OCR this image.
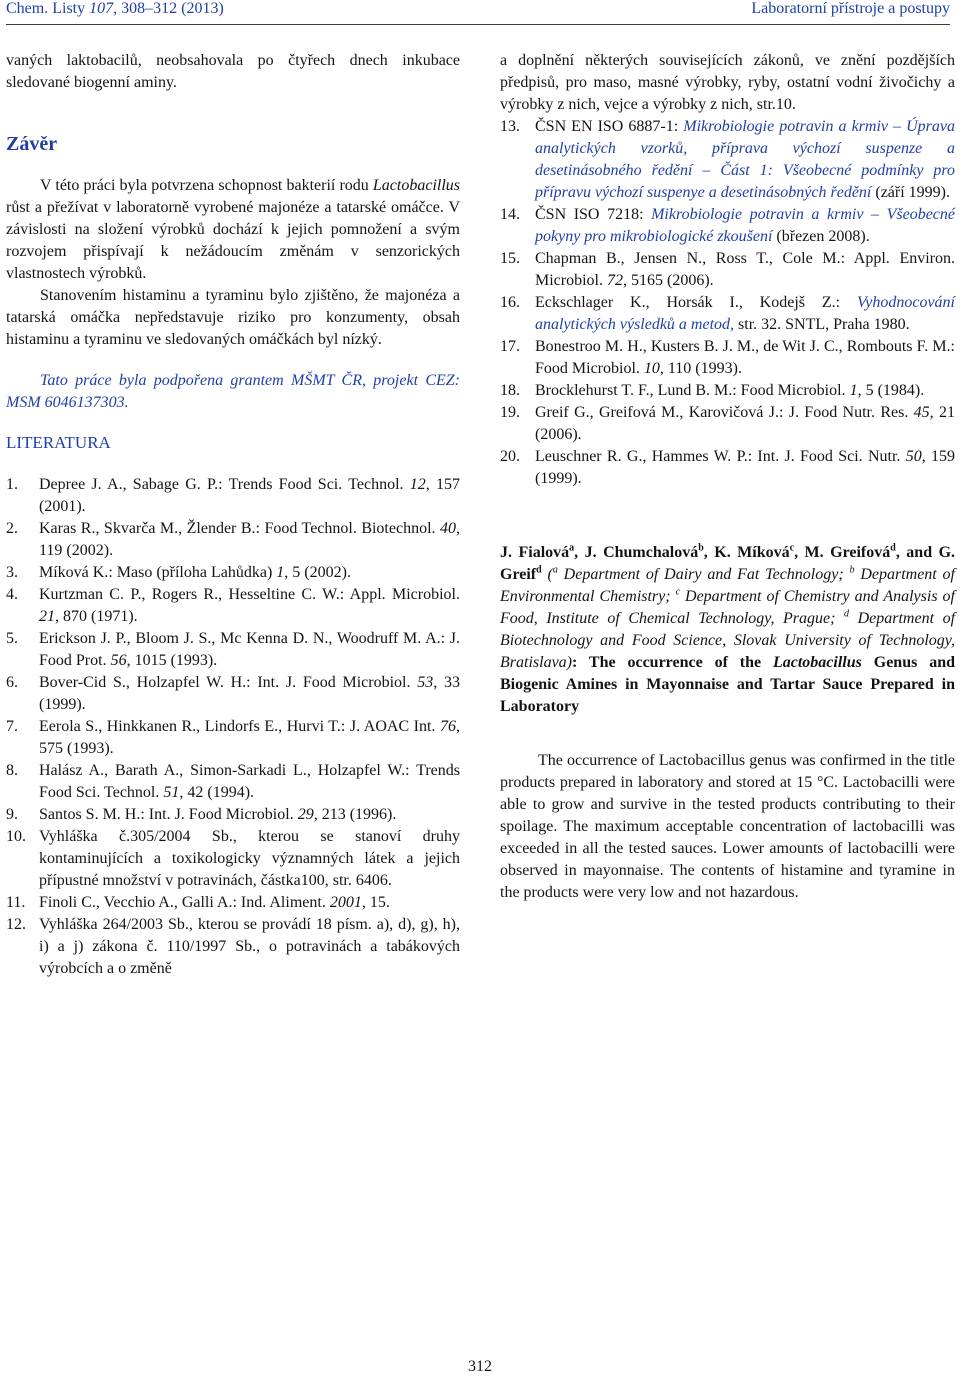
Chem. Listy 107, 308–312 (2013)	Laboratorní přístroje a postupy

vaných laktobacilů, neobsahovala po čtyřech dnech inkubace sledované biogenní aminy.

Závěr

V této práci byla potvrzena schopnost bakterií rodu Lactobacillus růst a přežívat v laboratorně vyrobené majonéze a tatarské omáčce. V závislosti na složení výrobků dochází k jejich pomnožení a svým rozvojem přispívají k nežádoucím změnám v senzorických vlastnostech výrobků.

Stanovením histaminu a tyraminu bylo zjištěno, že majonéza a tatarská omáčka nepředstavuje riziko pro konzumenty, obsah histaminu a tyraminu ve sledovaných omáčkách byl nízký.

Tato práce byla podpořena grantem MŠMT ČR, projekt CEZ: MSM 6046137303.

LITERATURA
1. Depree J. A., Sabage G. P.: Trends Food Sci. Technol. 12, 157 (2001).
2. Karas R., Skvarča M., Žlender B.: Food Technol. Biotechnol. 40, 119 (2002).
3. Míková K.: Maso (příloha Lahůdka) 1, 5 (2002).
4. Kurtzman C. P., Rogers R., Hesseltine C. W.: Appl. Microbiol. 21, 870 (1971).
5. Erickson J. P., Bloom J. S., Mc Kenna D. N., Woodruff M. A.: J. Food Prot. 56, 1015 (1993).
6. Bover-Cid S., Holzapfel W. H.: Int. J. Food Microbiol. 53, 33 (1999).
7. Eerola S., Hinkkanen R., Lindorfs E., Hurvi T.: J. AOAC Int. 76, 575 (1993).
8. Halász A., Barath A., Simon-Sarkadi L., Holzapfel W.: Trends Food Sci. Technol. 51, 42 (1994).
9. Santos S. M. H.: Int. J. Food Microbiol. 29, 213 (1996).
10. Vyhláška č.305/2004 Sb., kterou se stanoví druhy kontaminujících a toxikologicky významných látek a jejich přípustné množství v potravinách, částka100, str. 6406.
11. Finoli C., Vecchio A., Galli A.: Ind. Aliment. 2001, 15.
12. Vyhláška 264/2003 Sb., kterou se provádí 18 písm. a), d), g), h), i) a j) zákona č. 110/1997 Sb., o potravinách a tabákových výrobcích a o změně

a doplnění některých souvisejících zákonů, ve znění pozdějších předpisů, pro maso, masné výrobky, ryby, ostatní vodní živočichy a výrobky z nich, vejce a výrobky z nich, str.10.

13. ČSN EN ISO 6887-1: Mikrobiologie potravin a krmiv – Úprava analytických vzorků, příprava výchozí suspenze a desetinásobného ředění – Část 1: Všeobecné podmínky pro přípravu výchozí suspenye a desetinásobných ředění (září 1999).
14. ČSN ISO 7218: Mikrobiologie potravin a krmiv – Všeobecné pokyny pro mikrobiologické zkoušení (březen 2008).
15. Chapman B., Jensen N., Ross T., Cole M.: Appl. Environ. Microbiol. 72, 5165 (2006).
16. Eckschlager K., Horsák I., Kodejš Z.: Vyhodnocování analytických výsledků a metod, str. 32. SNTL, Praha 1980.
17. Bonestroo M. H., Kusters B. J. M., de Wit J. C., Rombouts F. M.: Food Microbiol. 10, 110 (1993).
18. Brocklehurst T. F., Lund B. M.: Food Microbiol. 1, 5 (1984).
19. Greif G., Greifová M., Karovičová J.: J. Food Nutr. Res. 45, 21 (2006).
20. Leuschner R. G., Hammes W. P.: Int. J. Food Sci. Nutr. 50, 159 (1999).

J. Fialová$^a$, J. Chumchalová$^b$, K. Míková$^c$, M. Greifová$^d$, and G. Greif$^d$ ($^a$ Department of Dairy and Fat Technology; $^b$ Department of Environmental Chemistry; $^c$ Department of Chemistry and Analysis of Food, Institute of Chemical Technology, Prague; $^d$ Department of Biotechnology and Food Science, Slovak University of Technology, Bratislava): The occurrence of the Lactobacillus Genus and Biogenic Amines in Mayonnaise and Tartar Sauce Prepared in Laboratory

The occurrence of Lactobacillus genus was confirmed in the title products prepared in laboratory and stored at 15 °C. Lactobacilli were able to grow and survive in the tested products contributing to their spoilage. The maximum acceptable concentration of lactobacilli was exceeded in all the tested sauces. Lower amounts of lactobacilli were observed in mayonnaise. The contents of histamine and tyramine in the products were very low and not hazardous.

312
